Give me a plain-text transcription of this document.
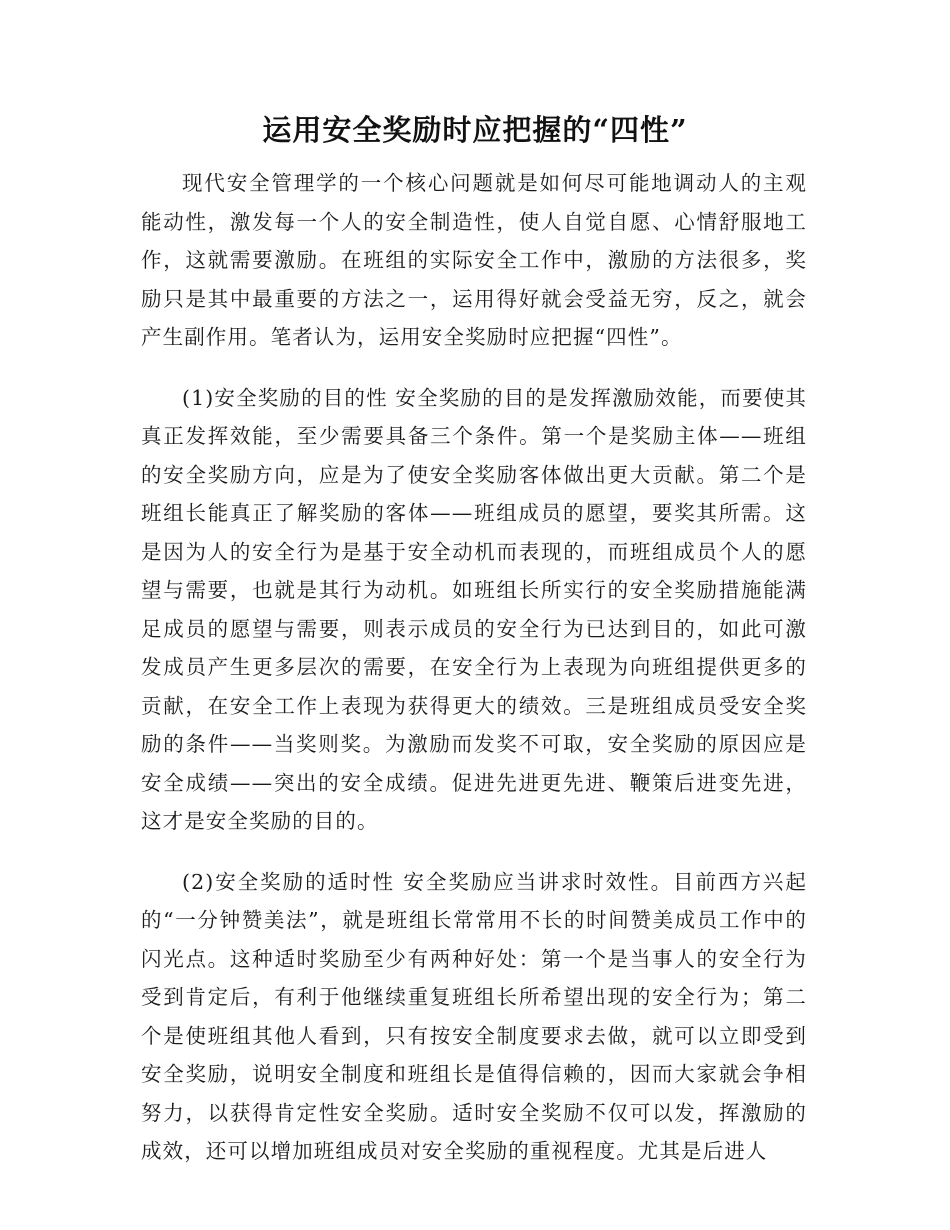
运用安全奖励时应把握的“四性”

现代安全管理学的一个核心问题就是如何尽可能地调动人的主观能动性，激发每一个人的安全制造性，使人自觉自愿、心情舒服地工作，这就需要激励。在班组的实际安全工作中，激励的方法很多，奖励只是其中最重要的方法之一，运用得好就会受益无穷，反之，就会产生副作用。笔者认为，运用安全奖励时应把握“四性”。

(1)安全奖励的目的性 安全奖励的目的是发挥激励效能，而要使其真正发挥效能，至少需要具备三个条件。第一个是奖励主体——班组的安全奖励方向，应是为了使安全奖励客体做出更大贡献。第二个是班组长能真正了解奖励的客体——班组成员的愿望，要奖其所需。这是因为人的安全行为是基于安全动机而表现的，而班组成员个人的愿望与需要，也就是其行为动机。如班组长所实行的安全奖励措施能满足成员的愿望与需要，则表示成员的安全行为已达到目的，如此可激发成员产生更多层次的需要，在安全行为上表现为向班组提供更多的贡献，在安全工作上表现为获得更大的绩效。三是班组成员受安全奖励的条件——当奖则奖。为激励而发奖不可取，安全奖励的原因应是安全成绩——突出的安全成绩。促进先进更先进、鞭策后进变先进，这才是安全奖励的目的。

(2)安全奖励的适时性 安全奖励应当讲求时效性。目前西方兴起的“一分钟赞美法”，就是班组长常常用不长的时间赞美成员工作中的闪光点。这种适时奖励至少有两种好处：第一个是当事人的安全行为受到肯定后，有利于他继续重复班组长所希望出现的安全行为；第二个是使班组其他人看到，只有按安全制度要求去做，就可以立即受到安全奖励，说明安全制度和班组长是值得信赖的，因而大家就会争相努力，以获得肯定性安全奖励。适时安全奖励不仅可以发，挥激励的成效，还可以增加班组成员对安全奖励的重视程度。尤其是后进人
